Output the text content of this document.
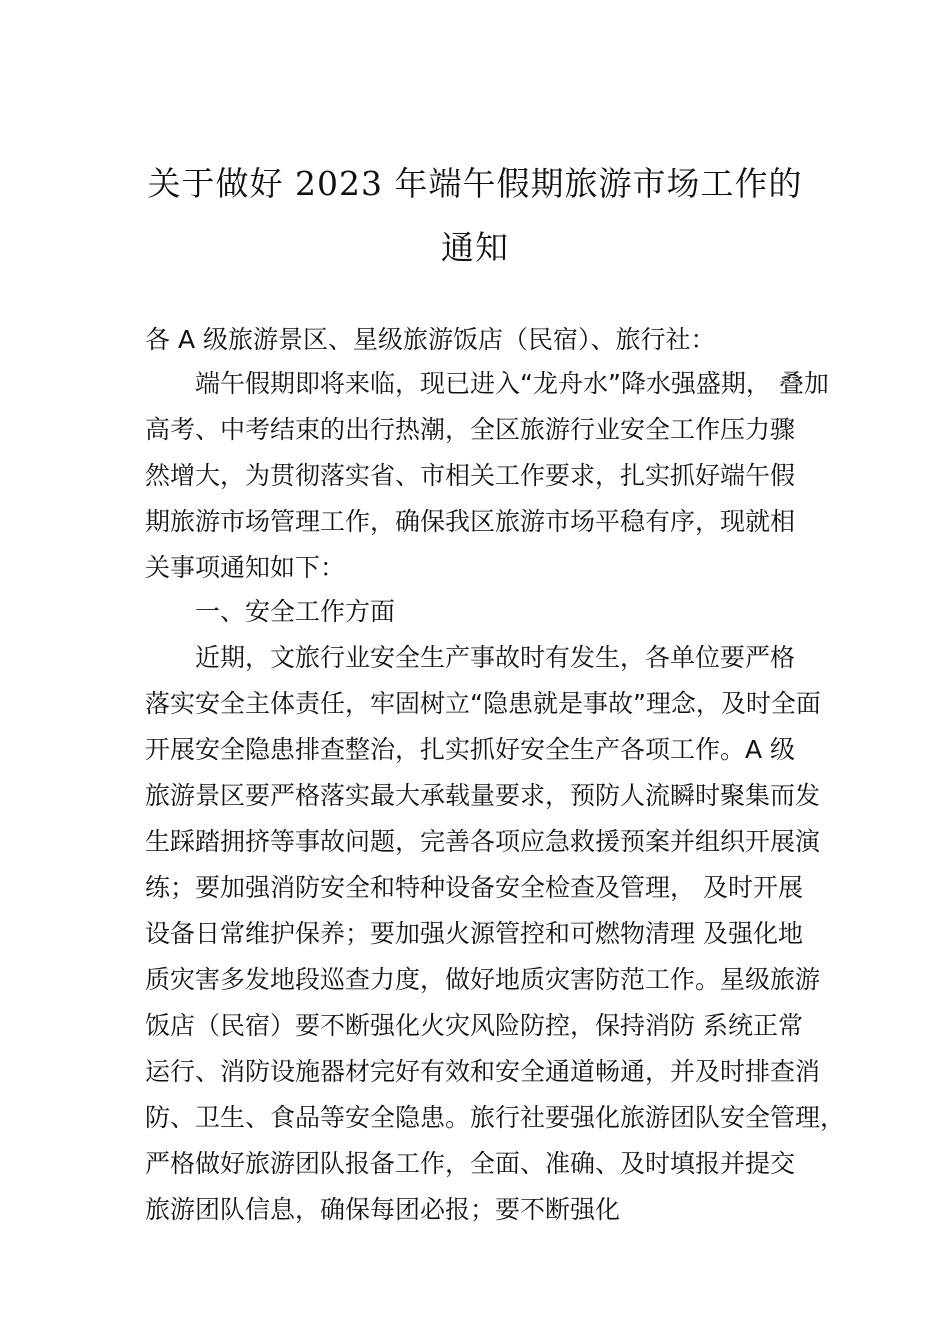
关于做好 2023 年端午假期旅游市场工作的
通知

各 A 级旅游景区、星级旅游饭店（民宿）、旅行社：

端午假期即将来临，现已进入“龙舟水”降水强盛期， 叠加

高考、中考结束的出行热潮，全区旅游行业安全工作压力骤

然增大，为贯彻落实省、市相关工作要求，扎实抓好端午假

期旅游市场管理工作，确保我区旅游市场平稳有序，现就相

关事项通知如下：

一、安全工作方面

近期，文旅行业安全生产事故时有发生，各单位要严格

落实安全主体责任，牢固树立“隐患就是事故”理念，及时全面

开展安全隐患排查整治，扎实抓好安全生产各项工作。A 级

旅游景区要严格落实最大承载量要求，预防人流瞬时聚集而发

生踩踏拥挤等事故问题，完善各项应急救援预案并组织开展演

练；要加强消防安全和特种设备安全检查及管理， 及时开展

设备日常维护保养；要加强火源管控和可燃物清理 及强化地

质灾害多发地段巡查力度，做好地质灾害防范工作。星级旅游

饭店（民宿）要不断强化火灾风险防控，保持消防 系统正常

运行、消防设施器材完好有效和安全通道畅通，并及时排查消

防、卫生、食品等安全隐患。旅行社要强化旅游团队安全管理，

严格做好旅游团队报备工作，全面、准确、及时填报并提交

旅游团队信息，确保每团必报；要不断强化
